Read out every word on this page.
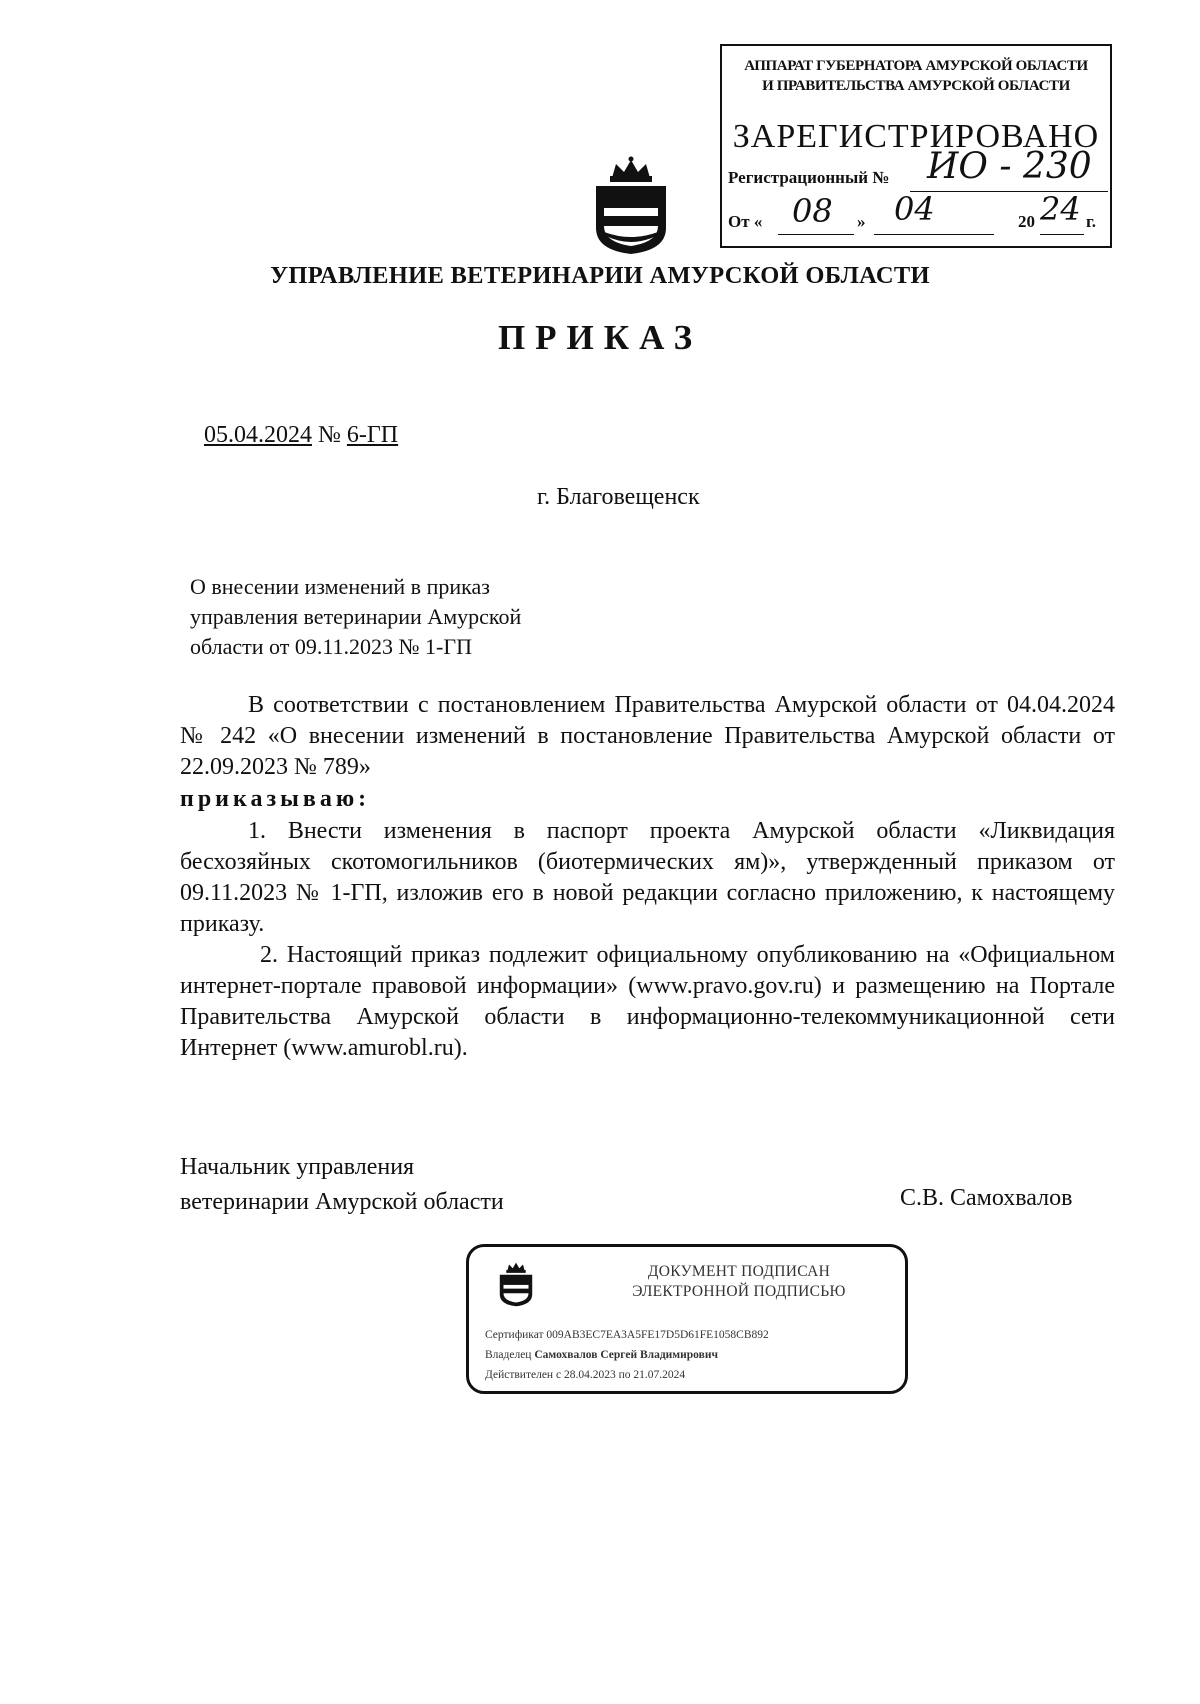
АППАРАТ ГУБЕРНАТОРА АМУРСКОЙ ОБЛАСТИ
И ПРАВИТЕЛЬСТВА АМУРСКОЙ ОБЛАСТИ
ЗАРЕГИСТРИРОВАНО
Регистрационный № ИО - 230
От « 08 » 04	20 24 г.
УПРАВЛЕНИЕ ВЕТЕРИНАРИИ АМУРСКОЙ ОБЛАСТИ
ПРИКАЗ
05.04.2024 № 6-ГП
г. Благовещенск
О внесении изменений в приказ
управления ветеринарии Амурской
области от 09.11.2023 № 1-ГП
В соответствии с постановлением Правительства Амурской области от 04.04.2024 № 242 «О внесении изменений в постановление Правительства Амурской области от 22.09.2023 № 789»
приказываю:
1. Внести изменения в паспорт проекта Амурской области «Ликвидация бесхозяйных скотомогильников (биотермических ям)», утвержденный приказом от 09.11.2023 № 1-ГП, изложив его в новой редакции согласно приложению, к настоящему приказу.
2. Настоящий приказ подлежит официальному опубликованию на «Официальном интернет-портале правовой информации» (www.pravo.gov.ru) и размещению на Портале Правительства Амурской области в информационно-телекоммуникационной сети Интернет (www.amurobl.ru).
Начальник управления
ветеринарии Амурской области	С.В. Самохвалов
ДОКУМЕНТ ПОДПИСАН
ЭЛЕКТРОННОЙ ПОДПИСЬЮ
Сертификат 009AB3EC7EA3A5FE17D5D61FE1058CB892
Владелец Самохвалов Сергей Владимирович
Действителен с 28.04.2023 по 21.07.2024
